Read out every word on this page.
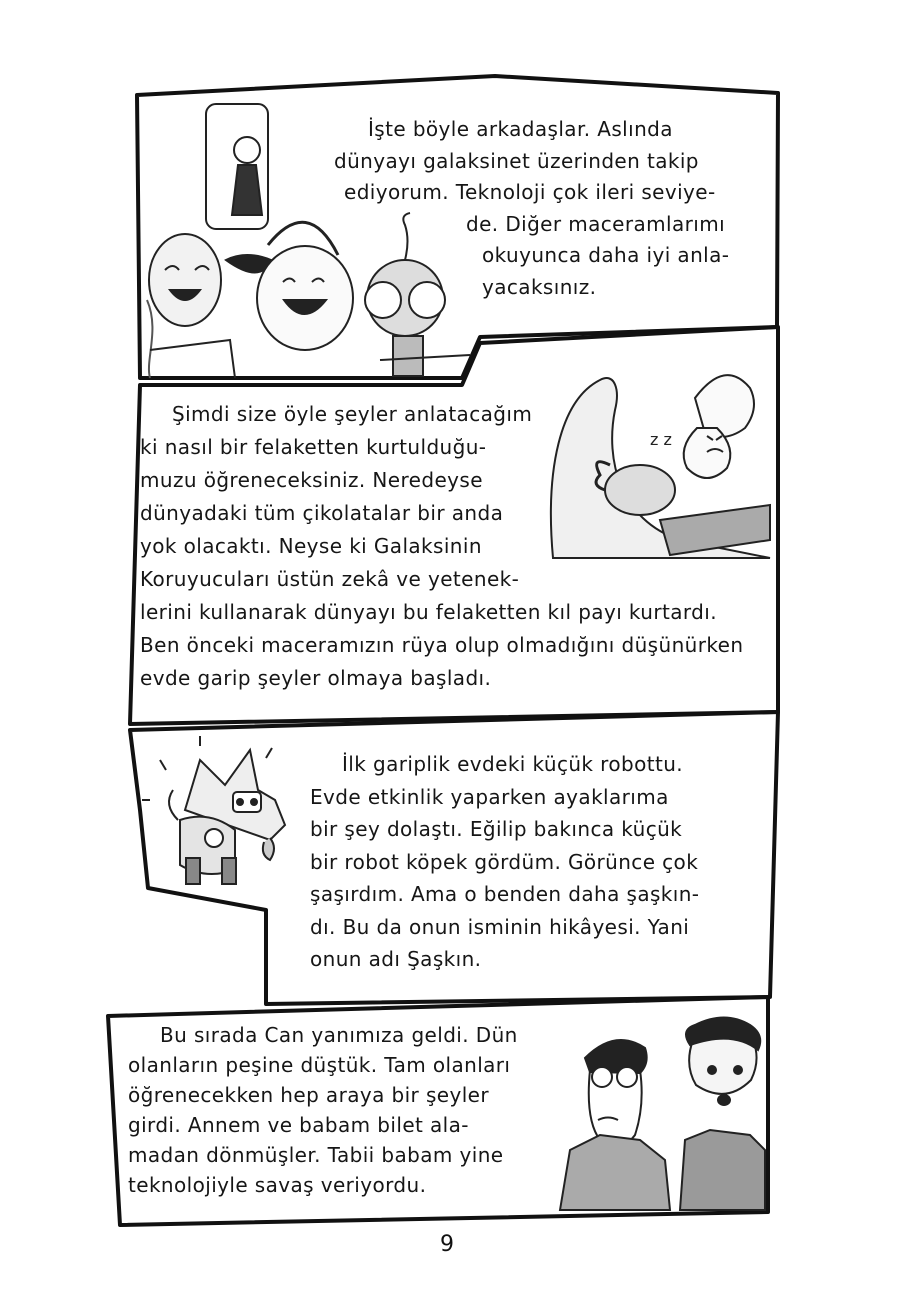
z z
İşte böyle arkadaşlar. Aslında
dünyayı galaksinet üzerinden takip
ediyorum. Teknoloji çok ileri seviye-
de. Diğer maceramlarımı
okuyunca daha iyi anla-
yacaksınız.
Şimdi size öyle şeyler anlatacağım
ki nasıl bir felaketten kurtulduğu-
muzu öğreneceksiniz. Neredeyse
dünyadaki tüm çikolatalar bir anda
yok olacaktı. Neyse ki Galaksinin
Koruyucuları üstün zekâ ve yetenek-
lerini kullanarak dünyayı bu felaketten kıl payı kurtardı.
Ben önceki maceramızın rüya olup olmadığını düşünürken
evde garip şeyler olmaya başladı.
İlk gariplik evdeki küçük robottu.
Evde etkinlik yaparken ayaklarıma
bir şey dolaştı. Eğilip bakınca küçük
bir robot köpek gördüm. Görünce çok
şaşırdım. Ama o benden daha şaşkın-
dı. Bu da onun isminin hikâyesi. Yani
onun adı Şaşkın.
Bu sırada Can yanımıza geldi. Dün
olanların peşine düştük. Tam olanları
öğrenecekken hep araya bir şeyler
girdi. Annem ve babam bilet ala-
madan dönmüşler. Tabii babam yine
teknolojiyle savaş veriyordu.
9
